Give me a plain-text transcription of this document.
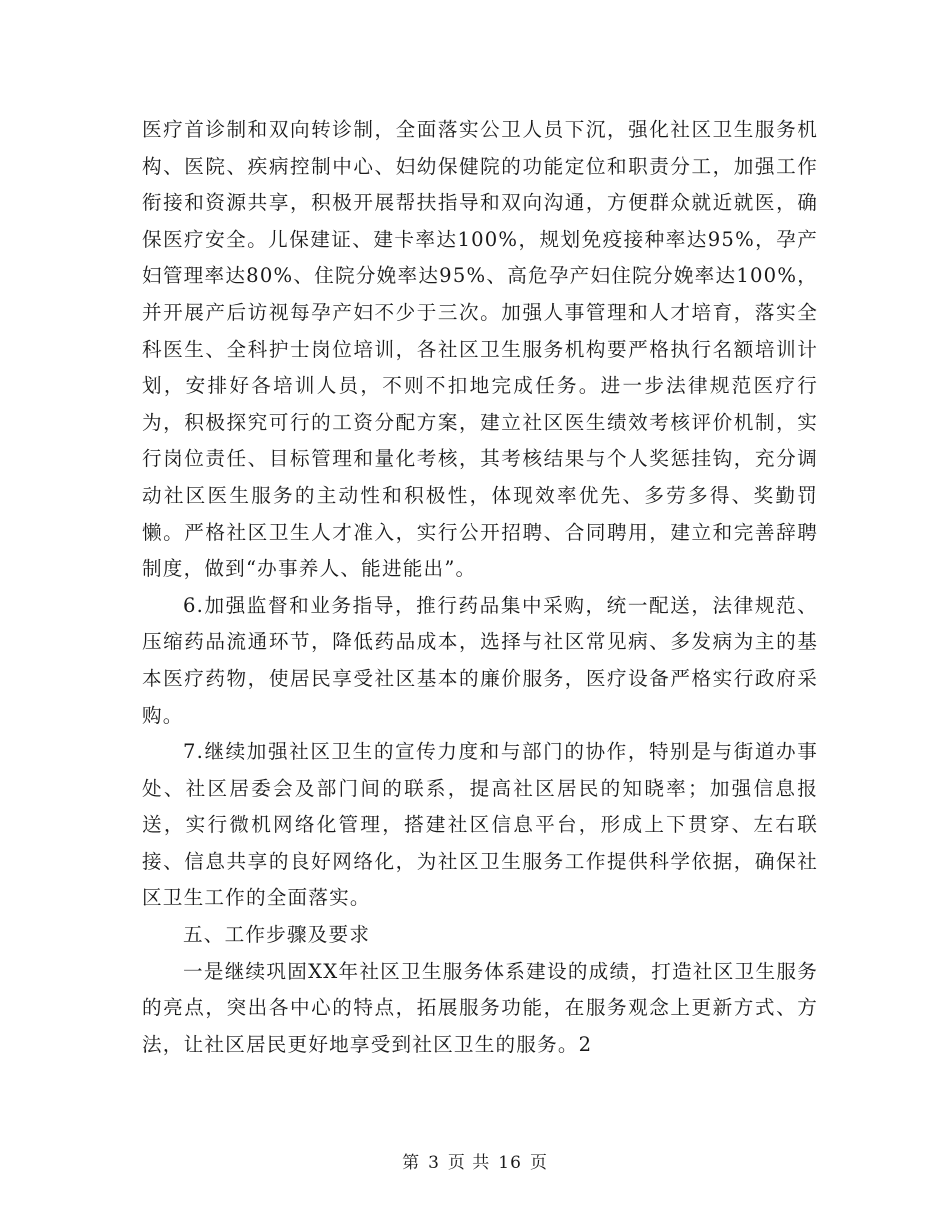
医疗首诊制和双向转诊制，全面落实公卫人员下沉，强化社区卫生服务机构、医院、疾病控制中心、妇幼保健院的功能定位和职责分工，加强工作衔接和资源共享，积极开展帮扶指导和双向沟通，方便群众就近就医，确保医疗安全。儿保建证、建卡率达100%，规划免疫接种率达95%，孕产妇管理率达80%、住院分娩率达95%、高危孕产妇住院分娩率达100%，并开展产后访视每孕产妇不少于三次。加强人事管理和人才培育，落实全科医生、全科护士岗位培训，各社区卫生服务机构要严格执行名额培训计划，安排好各培训人员，不则不扣地完成任务。进一步法律规范医疗行为，积极探究可行的工资分配方案，建立社区医生绩效考核评价机制，实行岗位责任、目标管理和量化考核，其考核结果与个人奖惩挂钩，充分调动社区医生服务的主动性和积极性，体现效率优先、多劳多得、奖勤罚懒。严格社区卫生人才准入，实行公开招聘、合同聘用，建立和完善辞聘制度，做到“办事养人、能进能出”。

6.加强监督和业务指导，推行药品集中采购，统一配送，法律规范、压缩药品流通环节，降低药品成本，选择与社区常见病、多发病为主的基本医疗药物，使居民享受社区基本的廉价服务，医疗设备严格实行政府采购。

7.继续加强社区卫生的宣传力度和与部门的协作，特别是与街道办事处、社区居委会及部门间的联系，提高社区居民的知晓率；加强信息报送，实行微机网络化管理，搭建社区信息平台，形成上下贯穿、左右联接、信息共享的良好网络化，为社区卫生服务工作提供科学依据，确保社区卫生工作的全面落实。

五、工作步骤及要求

一是继续巩固XX年社区卫生服务体系建设的成绩，打造社区卫生服务的亮点，突出各中心的特点，拓展服务功能，在服务观念上更新方式、方法，让社区居民更好地享受到社区卫生的服务。2

第 3 页 共 16 页
